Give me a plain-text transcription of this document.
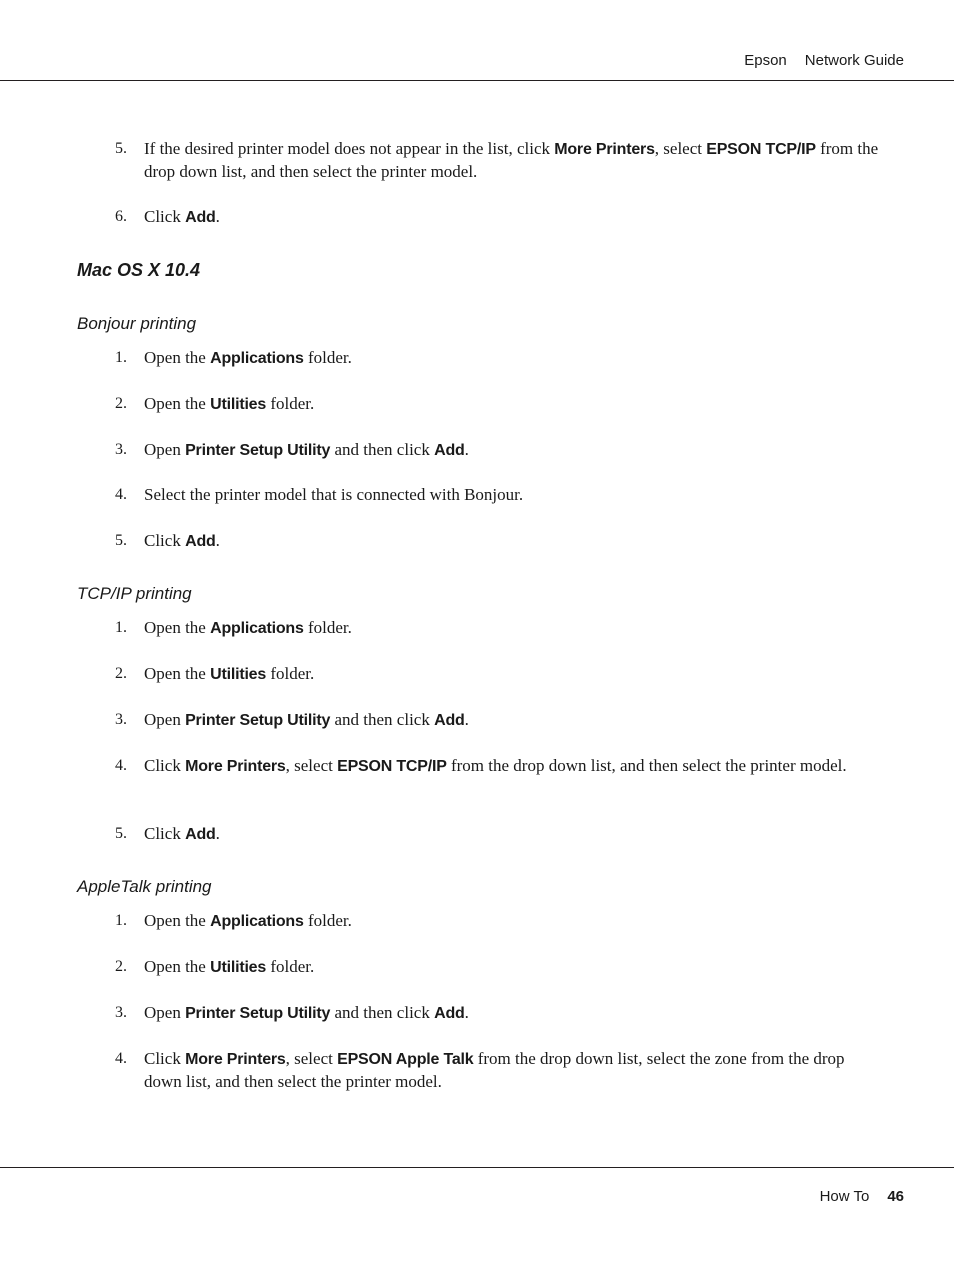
Epson Network Guide
5. If the desired printer model does not appear in the list, click More Printers, select EPSON TCP/IP from the drop down list, and then select the printer model.
6. Click Add.
Mac OS X 10.4
Bonjour printing
1. Open the Applications folder.
2. Open the Utilities folder.
3. Open Printer Setup Utility and then click Add.
4. Select the printer model that is connected with Bonjour.
5. Click Add.
TCP/IP printing
1. Open the Applications folder.
2. Open the Utilities folder.
3. Open Printer Setup Utility and then click Add.
4. Click More Printers, select EPSON TCP/IP from the drop down list, and then select the printer model.
5. Click Add.
AppleTalk printing
1. Open the Applications folder.
2. Open the Utilities folder.
3. Open Printer Setup Utility and then click Add.
4. Click More Printers, select EPSON Apple Talk from the drop down list, select the zone from the drop down list, and then select the printer model.
How To 46
